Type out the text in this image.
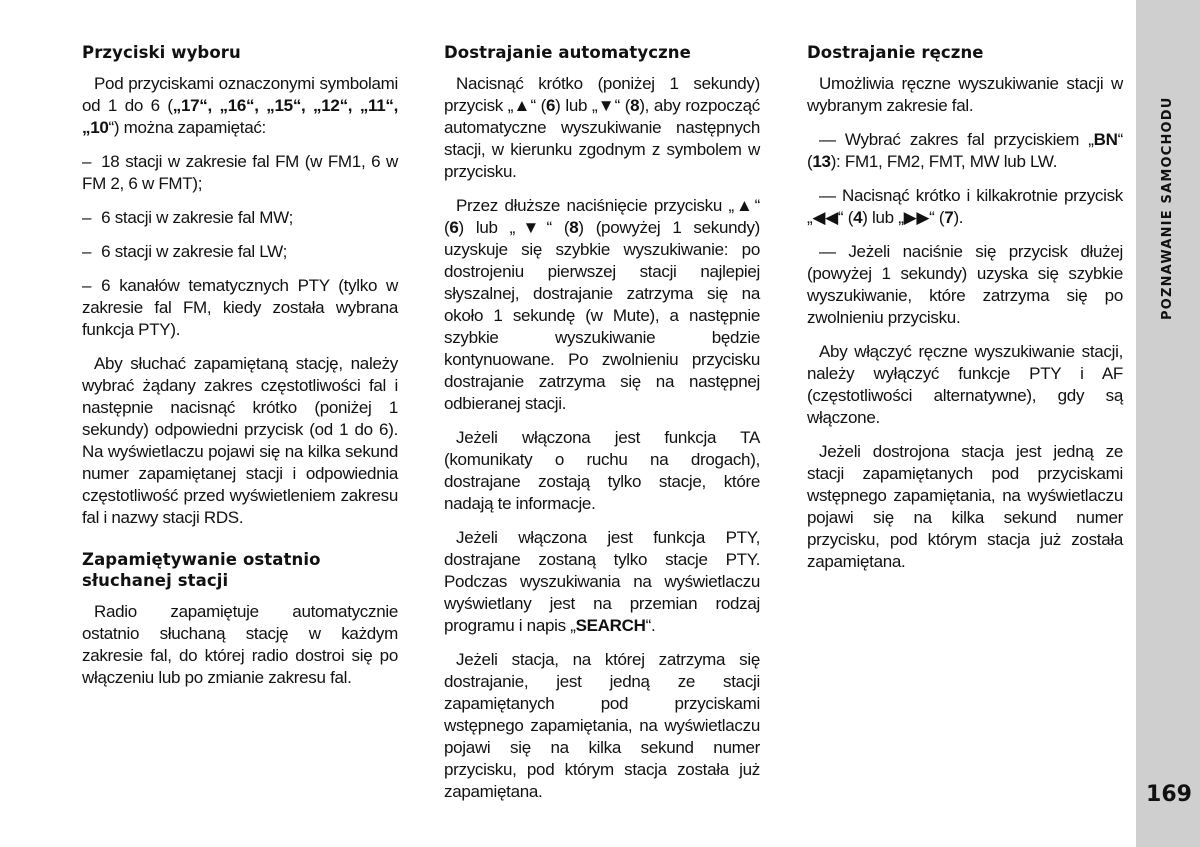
Przyciski wyboru

Pod przyciskami oznaczonymi symbolami od 1 do 6 („17“, „16“, „15“, „12“, „11“, „10“) można zapamiętać:

– 18 stacji w zakresie fal FM (w FM1, 6 w FM 2, 6 w FMT);

– 6 stacji w zakresie fal MW;

– 6 stacji w zakresie fal LW;

– 6 kanałów tematycznych PTY (tylko w zakresie fal FM, kiedy została wybrana funkcja PTY).

Aby słuchać zapamiętaną stację, należy wybrać żądany zakres częstotliwości fal i następnie nacisnąć krótko (poniżej 1 sekundy) odpowiedni przycisk (od 1 do 6). Na wyświetlaczu pojawi się na kilka sekund numer zapamiętanej stacji i odpowiednia częstotliwość przed wyświetleniem zakresu fal i nazwy stacji RDS.

Zapamiętywanie ostatnio słuchanej stacji

Radio zapamiętuje automatycznie ostatnio słuchaną stację w każdym zakresie fal, do której radio dostroi się po włączeniu lub po zmianie zakresu fal.

Dostrajanie automatyczne

Nacisnąć krótko (poniżej 1 sekundy) przycisk „▲“ (6) lub „▼“ (8), aby rozpocząć automatyczne wyszukiwanie następnych stacji, w kierunku zgodnym z symbolem w przycisku.

Przez dłuższe naciśnięcie przycisku „▲“ (6) lub „▼“ (8) (powyżej 1 sekundy) uzyskuje się szybkie wyszukiwanie: po dostrojeniu pierwszej stacji najlepiej słyszalnej, dostrajanie zatrzyma się na około 1 sekundę (w Mute), a następnie szybkie wyszukiwanie będzie kontynuowane. Po zwolnieniu przycisku dostrajanie zatrzyma się na następnej odbieranej stacji.

Jeżeli włączona jest funkcja TA (komunikaty o ruchu na drogach), dostrajane zostają tylko stacje, które nadają te informacje.

Jeżeli włączona jest funkcja PTY, dostrajane zostaną tylko stacje PTY. Podczas wyszukiwania na wyświetlaczu wyświetlany jest na przemian rodzaj programu i napis „SEARCH“.

Jeżeli stacja, na której zatrzyma się dostrajanie, jest jedną ze stacji zapamiętanych pod przyciskami wstępnego zapamiętania, na wyświetlaczu pojawi się na kilka sekund numer przycisku, pod którym stacja została już zapamiętana.

Dostrajanie ręczne

Umożliwia ręczne wyszukiwanie stacji w wybranym zakresie fal.

— Wybrać zakres fal przyciskiem „BN“ (13): FM1, FM2, FMT, MW lub LW.

— Nacisnąć krótko i kilkakrotnie przycisk „◀◀“ (4) lub „▶▶“ (7).

— Jeżeli naciśnie się przycisk dłużej (powyżej 1 sekundy) uzyska się szybkie wyszukiwanie, które zatrzyma się po zwolnieniu przycisku.

Aby włączyć ręczne wyszukiwanie stacji, należy wyłączyć funkcje PTY i AF (częstotliwości alternatywne), gdy są włączone.

Jeżeli dostrojona stacja jest jedną ze stacji zapamiętanych pod przyciskami wstępnego zapamiętania, na wyświetlaczu pojawi się na kilka sekund numer przycisku, pod którym stacja już została zapamiętana.

POZNAWANIE SAMOCHODU
169
